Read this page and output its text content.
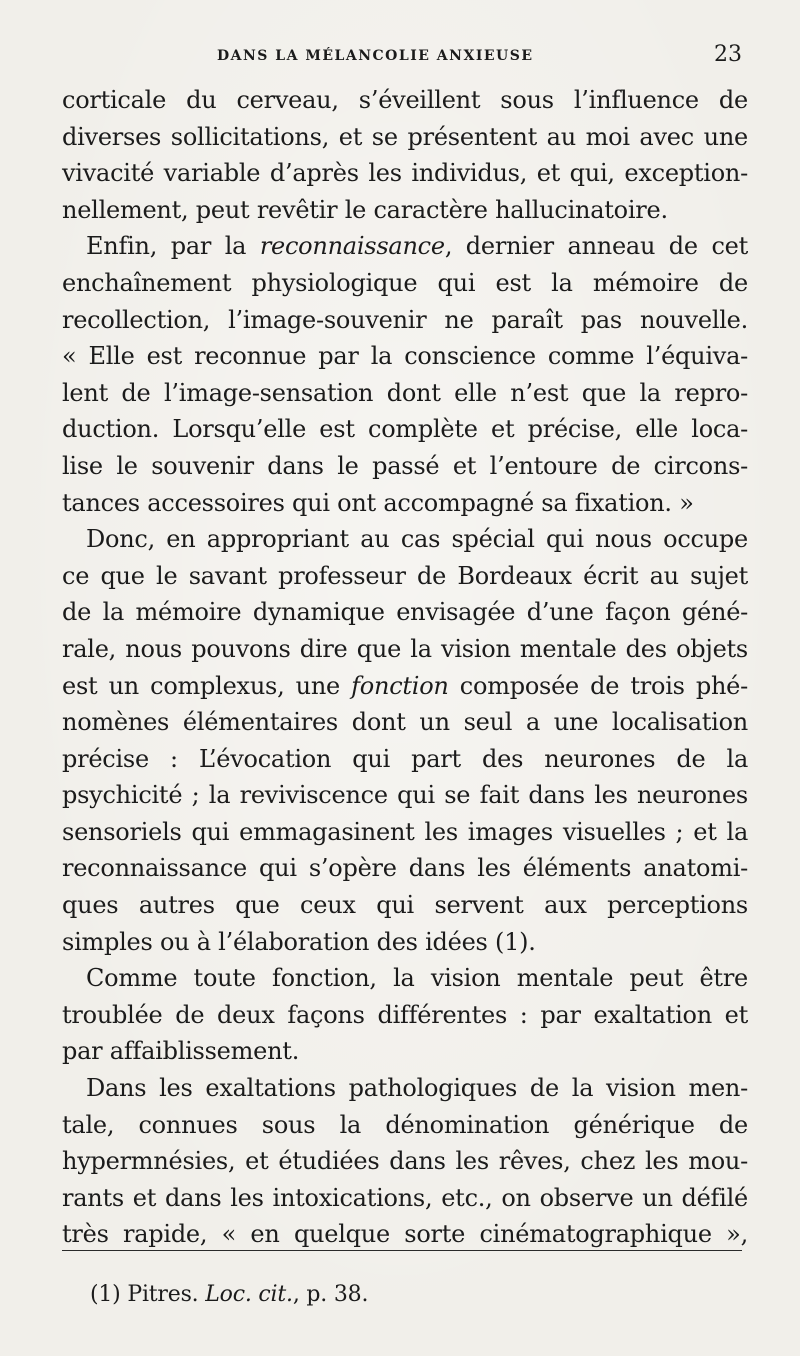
DANS LA MÉLANCOLIE ANXIEUSE	23

corticale du cerveau, s’éveillent sous l’influence de
diverses sollicitations, et se présentent au moi avec une
vivacité variable d’après les individus, et qui, exception-
nellement, peut revêtir le caractère hallucinatoire.

Enfin, par la reconnaissance, dernier anneau de cet
enchaînement physiologique qui est la mémoire de
recollection, l’image-souvenir ne paraît pas nouvelle.
« Elle est reconnue par la conscience comme l’équiva-
lent de l’image-sensation dont elle n’est que la repro-
duction. Lorsqu’elle est complète et précise, elle loca-
lise le souvenir dans le passé et l’entoure de circons-
tances accessoires qui ont accompagné sa fixation. »

Donc, en appropriant au cas spécial qui nous occupe
ce que le savant professeur de Bordeaux écrit au sujet
de la mémoire dynamique envisagée d’une façon géné-
rale, nous pouvons dire que la vision mentale des objets
est un complexus, une fonction composée de trois phé-
nomènes élémentaires dont un seul a une localisation
précise : L’évocation qui part des neurones de la
psychicité ; la reviviscence qui se fait dans les neurones
sensoriels qui emmagasinent les images visuelles ; et la
reconnaissance qui s’opère dans les éléments anatomi-
ques autres que ceux qui servent aux perceptions
simples ou à l’élaboration des idées (1).

Comme toute fonction, la vision mentale peut être
troublée de deux façons différentes : par exaltation et
par affaiblissement.

Dans les exaltations pathologiques de la vision men-
tale, connues sous la dénomination générique de
hypermnésies, et étudiées dans les rêves, chez les mou-
rants et dans les intoxications, etc., on observe un défilé
très rapide, « en quelque sorte cinématographique »,

(1) Pitres. Loc. cit., p. 38.
